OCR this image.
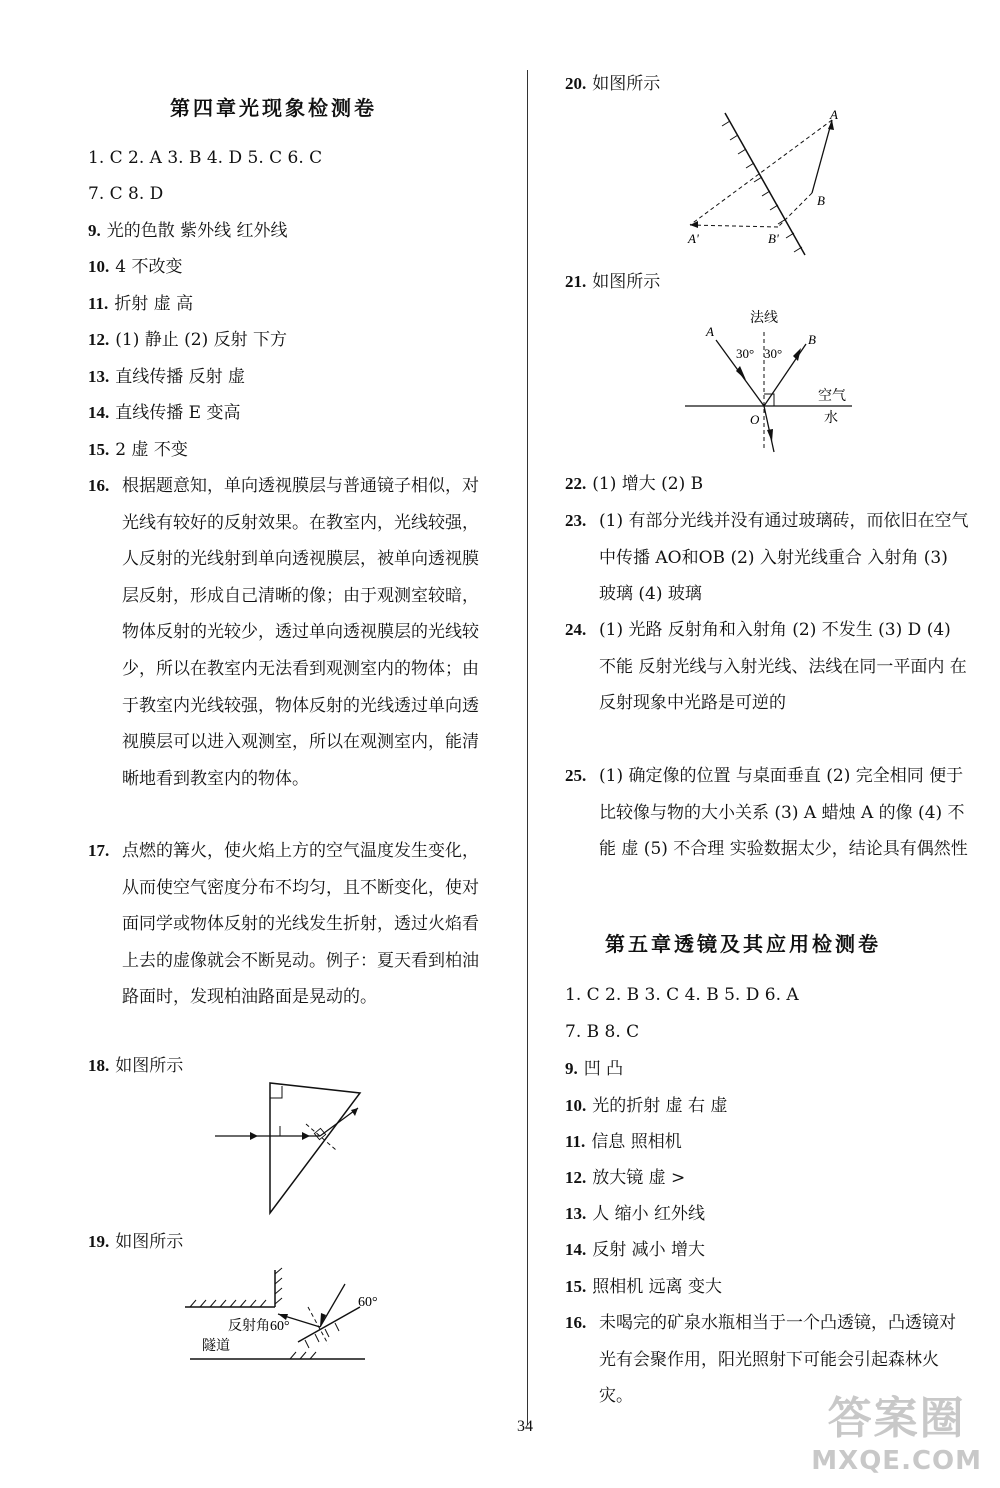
第四章光现象检测卷
1. C 2. A 3. B 4. D 5. C 6. C
7. C 8. D
9. 光的色散 紫外线 红外线
10. 4 不改变
11. 折射 虚 高
12. (1) 静止 (2) 反射 下方
13. 直线传播 反射 虚
14. 直线传播 E 变高
15. 2 虚 不变
16. 根据题意知，单向透视膜层与普通镜子相似，对光线有较好的反射效果。在教室内，光线较强，人反射的光线射到单向透视膜层，被单向透视膜层反射，形成自己清晰的像；由于观测室较暗，物体反射的光较少，透过单向透视膜层的光线较少，所以在教室内无法看到观测室内的物体；由于教室内光线较强，物体反射的光线透过单向透视膜层可以进入观测室，所以在观测室内，能清晰地看到教室内的物体。
17. 点燃的篝火，使火焰上方的空气温度发生变化，从而使空气密度分布不均匀，且不断变化，使对面同学或物体反射的光线发生折射，透过火焰看上去的虚像就会不断晃动。例子：夏天看到柏油路面时，发现柏油路面是晃动的。
18. 如图所示
19. 如图所示
60°
反射角60°
隧道
20. 如图所示
A
B
A'	B'
21. 如图所示
法线
A
B
30° 30°
空气
水
O
22. (1) 增大 (2) B
23. (1) 有部分光线并没有通过玻璃砖，而依旧在空气中传播 AO和OB (2) 入射光线重合 入射角 (3) 玻璃 (4) 玻璃
24. (1) 光路 反射角和入射角 (2) 不发生 (3) D (4) 不能 反射光线与入射光线、法线在同一平面内 在反射现象中光路是可逆的
25. (1) 确定像的位置 与桌面垂直 (2) 完全相同 便于比较像与物的大小关系 (3) A 蜡烛 A 的像 (4) 不能 虚 (5) 不合理 实验数据太少，结论具有偶然性
第五章透镜及其应用检测卷
1. C 2. B 3. C 4. B 5. D 6. A
7. B 8. C
9. 凹 凸
10. 光的折射 虚 右 虚
11. 信息 照相机
12. 放大镜 虚 >
13. 人 缩小 红外线
14. 反射 减小 增大
15. 照相机 远离 变大
16. 未喝完的矿泉水瓶相当于一个凸透镜，凸透镜对光有会聚作用，阳光照射下可能会引起森林火灾。
34	答案圈
MXQE.COM
